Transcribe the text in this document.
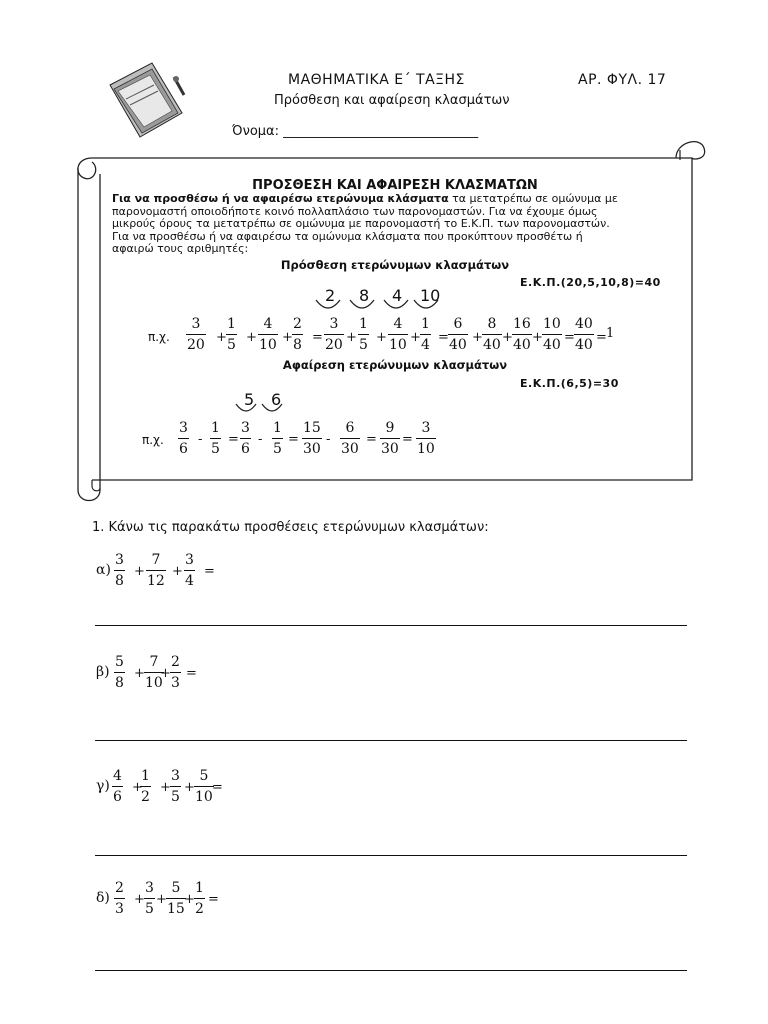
ΜΑΘΗΜΑΤΙΚΑ Ε΄ ΤΑΞΗΣ	ΑΡ. ΦΥΛ. 17
Πρόσθεση και αφαίρεση κλασμάτων
Όνομα: ______________________________
ΠΡΟΣΘΕΣΗ ΚΑΙ ΑΦΑΙΡΕΣΗ ΚΛΑΣΜΑΤΩΝ
Για να προσθέσω ή να αφαιρέσω ετερώνυμα κλάσματα τα μετατρέπω σε ομώνυμα με
παρονομαστή οποιοδήποτε κοινό πολλαπλάσιο των παρονομαστών. Για να έχουμε όμως
μικρούς όρους τα μετατρέπω σε ομώνυμα με παρονομαστή το Ε.Κ.Π. των παρονομαστών.
Για να προσθέσω ή να αφαιρέσω τα ομώνυμα κλάσματα που προκύπτουν προσθέτω ή
αφαιρώ τους αριθμητές:
Πρόσθεση ετερώνυμων κλασμάτων
Ε.Κ.Π.(20,5,10,8)=40
2 8 4 10
π.χ.
3
20
1
5
4
10
2
8
3
20
1
5
4
10
1
4
6
40
8
40
16
40
10
40
40
40
+ + + = + + + = + + + = = 1
Αφαίρεση ετερώνυμων κλασμάτων
Ε.Κ.Π.(6,5)=30
5 6
π.χ.
3
6
1
5
3
6
1
5
15
30
6
30
9
30
3
10
- = - = -	= =
1. Κάνω τις παρακάτω προσθέσεις ετερώνυμων κλασμάτων:
α)
3
8
+
7
12
+
3
4
=
β)
5
8
+
7
10
+
2
3
=
γ)
4
6
+
1
2
+
3
5
+
5
10
=
δ)
2
3
+
3
5
+
5
15
+
1
2
=
